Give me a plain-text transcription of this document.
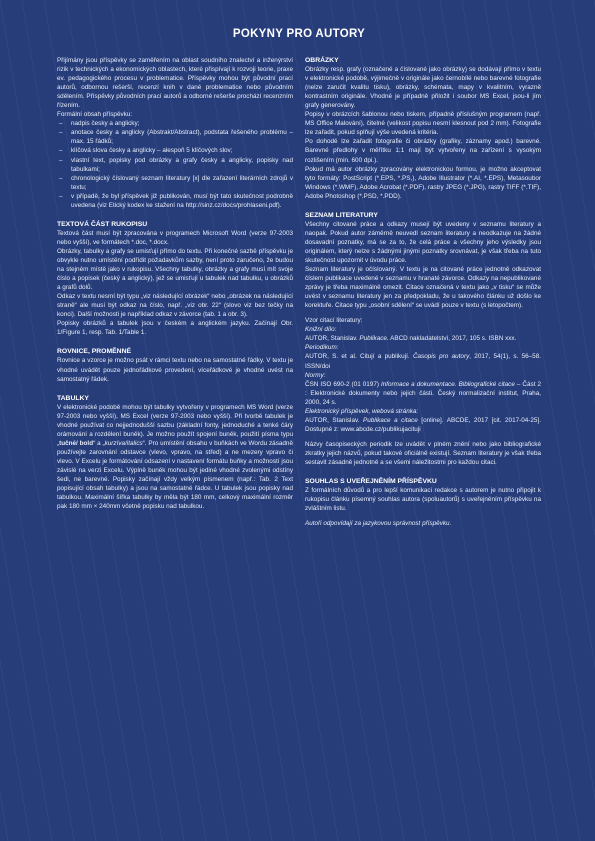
POKYNY PRO AUTORY

Přijímány jsou příspěvky se zaměřením na oblast soudního znalectví a inženýrství rizik v technických a ekonomických oblastech, které přispívají k rozvoji teorie, praxe ev. pedagogického procesu v problematice. Příspěvky mohou být původní prací autorů, odbornou rešerší, recenzí knih v dané problematice nebo původním sdělením. Příspěvky původních prací autorů a odborné rešerše prochází recenzním řízením.

Formální obsah příspěvku:

– nadpis česky a anglicky;
– anotace česky a anglicky (Abstrakt/Abstract), podstata řešeného problému – max. 15 řádků;
– klíčová slova česky a anglicky – alespoň 5 klíčových slov;
– vlastní text, popisky pod obrázky a grafy česky a anglicky, popisky nad tabulkami;
– chronologický číslovaný seznam literatury [x] dle zařazení literárních zdrojů v textu;
– v případě, že byl příspěvek již publikován, musí být tato skutečnost podrobně uvedena (viz Etický kodex ke stažení na http://sinz.cz/docs/prohlaseni.pdf).

TEXTOVÁ ČÁST RUKOPISU

Textová část musí být zpracována v programech Microsoft Word (verze 97-2003 nebo vyšší), ve formátech *.doc, *.docx.

Obrázky, tabulky a grafy se umisťují přímo do textu. Při konečné sazbě příspěvku je obvykle nutno umístění podřídit požadavkům sazby, není proto zaručeno, že budou na stejném místě jako v rukopisu. Všechny tabulky, obrázky a grafy musí mít svoje číslo a popisek (český a anglický), jež se umisťují u tabulek nad tabulku, u obrázků a grafů dolů.

Odkaz v textu nesmí být typu „viz následující obrázek“ nebo „obrázek na následující straně“ ale musí být odkaz na číslo, např. „viz obr. 22“ (slovo viz bez tečky na konci). Další možnosti je například odkaz v závorce (tab. 1 a obr. 3).

Popisky obrázků a tabulek jsou v českém a anglickém jazyku. Začínají Obr. 1/Figure 1, resp. Tab. 1/Table 1.

ROVNICE, PROMĚNNÉ

Rovnice a vzorce je možno psát v rámci textu nebo na samostatné řádky. V textu je vhodné uvádět pouze jednořádkové provedení, víceřádkové je vhodné uvést na samostatný řádek.

TABULKY

V elektronické podobě mohou být tabulky vytvořeny v programech MS Word (verze 97-2003 nebo vyšší), MS Excel (verze 97-2003 nebo vyšší). Při tvorbě tabulek je vhodné používat co nejjednodušší sazbu (základní fonty, jednoduché a tenké čáry orámování a rozdělení buněk). Je možno použít spojení buněk, použití písma typu „tučné/ bold“ a „kurzíva/italics“. Pro umístění obsahu v buňkách ve Wordu zásadně používejte zarovnání odstavce (vlevo, vpravo, na střed) a ne mezery vpravo či vlevo. V Excelu je formátování odsazení v nastavení formátu buňky a možností jsou závislé na verzi Excelu. Výplně buněk mohou být jediné vhodné zvolenými odstíny šedi, ne barevné. Popisky začínají vždy velkým písmenem (např.: Tab. 2 Text popisující obsah tabulky) a jsou na samostatné řádce. U tabulek jsou popisky nad tabulkou. Maximální šířka tabulky by měla být 180 mm, celkový maximální rozměr pak 180 mm × 240mm včetně popisku nad tabulkou.

OBRÁZKY

Obrázky resp. grafy (označené a číslované jako obrázky) se dodávají přímo v textu v elektronické podobě, výjimečně v originále jako černobílé nebo barevné fotografie (nelze zaručit kvalitu tisku), obrázky, schémata, mapy v kvalitním, vyrazně kontrastním originále. Vhodné je případně přiložit i soubor MS Excel, jsou-li jím grafy generovány.

Popisy v obrázcích šablonou nebo tiskem, případně příslušným programem (např. MS Office Malování), čitelné (velikost popisu nesmí klesnout pod 2 mm). Fotografie lze zařadit, pokud splňují výše uvedená kritéria.

Po dohodě lze zařadit fotografie či obrázky (grafiky, záznamy apod.) barevné. Barevné předlohy v měřítku 1:1 mají být vytvořeny na zařízení s vysokým rozlišením (min. 600 dpi.).

Pokud má autor obrázky zpracovány elektronickou formou, je možno akceptovat tyto formáty: PostScript (*.EPS, *.PS,), Adobe Illustrator (*.AI, *.EPS), Metasoubor Windows (*.WMF), Adobe Acrobat (*.PDF), rastry JPEG (*.JPG), rastry TIFF (*.TIF), Adobe Photoshop (*.PSD, *.PDD).

SEZNAM LITERATURY

Všechny citované práce a odkazy musejí být uvedeny v seznamu literatury a naopak. Pokud autor záměrně neuvedl seznam literatury a neodkazuje na žádné dosavadní poznatky, má se za to, že celá práce a všechny jeho výsledky jsou originálem, který nelze s žádnými jinými poznatky srovnávat, je však třeba na tuto skutečnost upozornit v úvodu práce.

Seznam literatury je očíslovaný. V textu je na citované práce jednotně odkazovat číslem publikace uvedené v seznamu v hranaté závorce. Odkazy na nepublikované zprávy je třeba maximálně omezit. Citace označená v textu jako „v tisku“ se může uvést v seznamu literatury jen za předpokladu, že u takového článku už došlo ke korektuře. Citace typu „osobní sdělení“ se uvádí pouze v textu (s letopočtem).

Vzor citací literatury:

Knižní dílo:

AUTOR, Stanislav. Publikace. ABCD nakladatelství, 2017, 105 s. ISBN xxx.

Periodikum:

AUTOR, S. et al. Citují a publikují. Časopis pro autory, 2017, 54(1), s. 56–58. ISSN/doi

Normy:

ČSN ISO 690-2 (01 0197) Informace a dokumentace. Bibliografické citace – Část 2 : Elektronické dokumenty nebo jejich části. Český normalizační institut, Praha, 2000, 24 s.

Elektronický příspěvek, webová stránka:

AUTOR, Stanislav. Publikace a citace [online]. ABCDE, 2017 [cit. 2017-04-25]. Dostupné z: www.abcde.cz/publikujacituji

Názvy časopiseckých periodik lze uvádět v plném znění nebo jako bibliografické zkratky jejich názvů, pokud takové oficiálně existují. Seznam literatury je však třeba sestavit zásadně jednotně a se všemi náležitostmi pro každou citaci.

SOUHLAS S UVEŘEJNĚNÍM PŘÍSPĚVKU

Z formálních důvodů a pro lepší komunikaci redakce s autorem je nutno připojit k rukopisu článku písemný souhlas autora (spoluautorů) s uveřejněním příspěvku na zvláštním listu.

Autoři odpovídají za jazykovou správnost příspěvku.
